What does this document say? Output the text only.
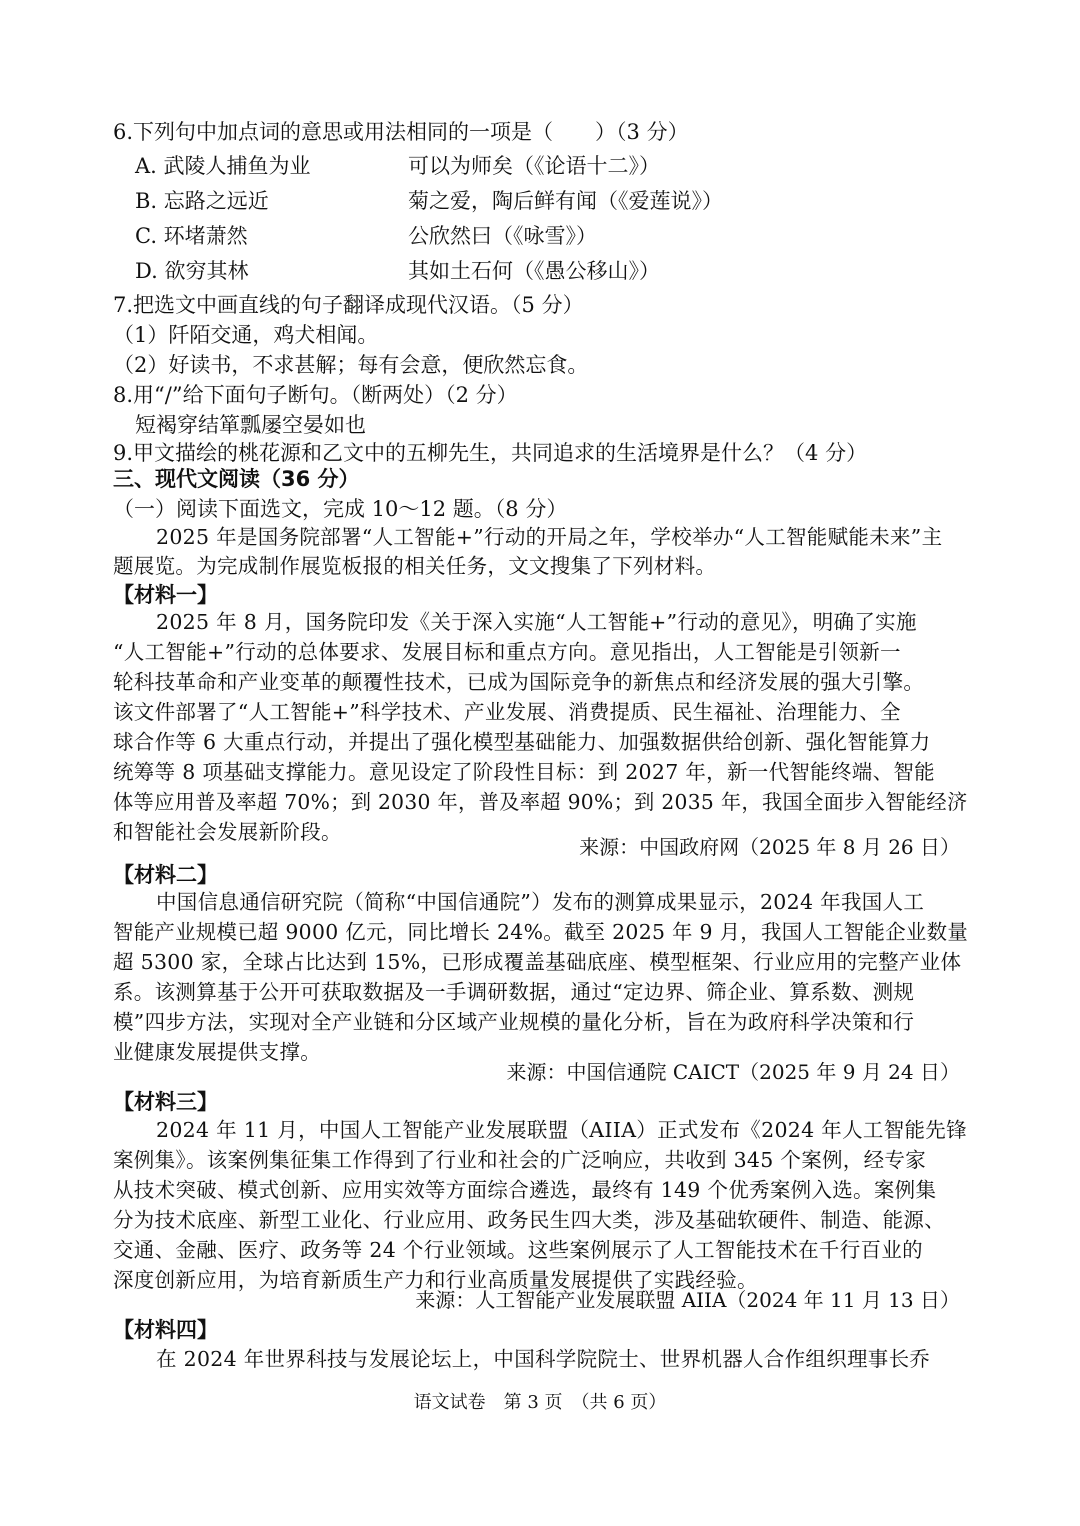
6.下列句中加点词的意思或用法相同的一项是（　　）（3 分）
A. 武陵人捕鱼为业	可以为师矣（《论语十二》）
B. 忘路之远近	菊之爱，陶后鲜有闻（《爱莲说》）
C. 环堵萧然	公欣然曰（《咏雪》）
D. 欲穷其林	其如土石何（《愚公移山》）
7.把选文中画直线的句子翻译成现代汉语。（5 分）
（1）阡陌交通，鸡犬相闻。
（2）好读书，不求甚解；每有会意，便欣然忘食。
8.用“/”给下面句子断句。（断两处）（2 分）
短褐穿结箪瓢屡空晏如也
9.甲文描绘的桃花源和乙文中的五柳先生，共同追求的生活境界是什么？（4 分）
三、现代文阅读（36 分）
（一）阅读下面选文，完成 10～12 题。（8 分）
2025 年是国务院部署“人工智能+”行动的开局之年，学校举办“人工智能赋能未来”主
题展览。为完成制作展览板报的相关任务，文文搜集了下列材料。
【材料一】
2025 年 8 月，国务院印发《关于深入实施“人工智能+”行动的意见》，明确了实施
“人工智能+”行动的总体要求、发展目标和重点方向。意见指出，人工智能是引领新一
轮科技革命和产业变革的颠覆性技术，已成为国际竞争的新焦点和经济发展的强大引擎。
该文件部署了“人工智能+”科学技术、产业发展、消费提质、民生福祉、治理能力、全
球合作等 6 大重点行动，并提出了强化模型基础能力、加强数据供给创新、强化智能算力
统筹等 8 项基础支撑能力。意见设定了阶段性目标：到 2027 年，新一代智能终端、智能
体等应用普及率超 70%；到 2030 年，普及率超 90%；到 2035 年，我国全面步入智能经济
和智能社会发展新阶段。
来源：中国政府网（2025 年 8 月 26 日）
【材料二】
中国信息通信研究院（简称“中国信通院”）发布的测算成果显示，2024 年我国人工
智能产业规模已超 9000 亿元，同比增长 24%。截至 2025 年 9 月，我国人工智能企业数量
超 5300 家，全球占比达到 15%，已形成覆盖基础底座、模型框架、行业应用的完整产业体
系。该测算基于公开可获取数据及一手调研数据，通过“定边界、筛企业、算系数、测规
模”四步方法，实现对全产业链和分区域产业规模的量化分析，旨在为政府科学决策和行
业健康发展提供支撑。
来源：中国信通院 CAICT（2025 年 9 月 24 日）
【材料三】
2024 年 11 月，中国人工智能产业发展联盟（AIIA）正式发布《2024 年人工智能先锋
案例集》。该案例集征集工作得到了行业和社会的广泛响应，共收到 345 个案例，经专家
从技术突破、模式创新、应用实效等方面综合遴选，最终有 149 个优秀案例入选。案例集
分为技术底座、新型工业化、行业应用、政务民生四大类，涉及基础软硬件、制造、能源、
交通、金融、医疗、政务等 24 个行业领域。这些案例展示了人工智能技术在千行百业的
深度创新应用，为培育新质生产力和行业高质量发展提供了实践经验。
来源：人工智能产业发展联盟 AIIA（2024 年 11 月 13 日）
【材料四】
在 2024 年世界科技与发展论坛上，中国科学院院士、世界机器人合作组织理事长乔
语文试卷　第 3 页　（共 6 页）
